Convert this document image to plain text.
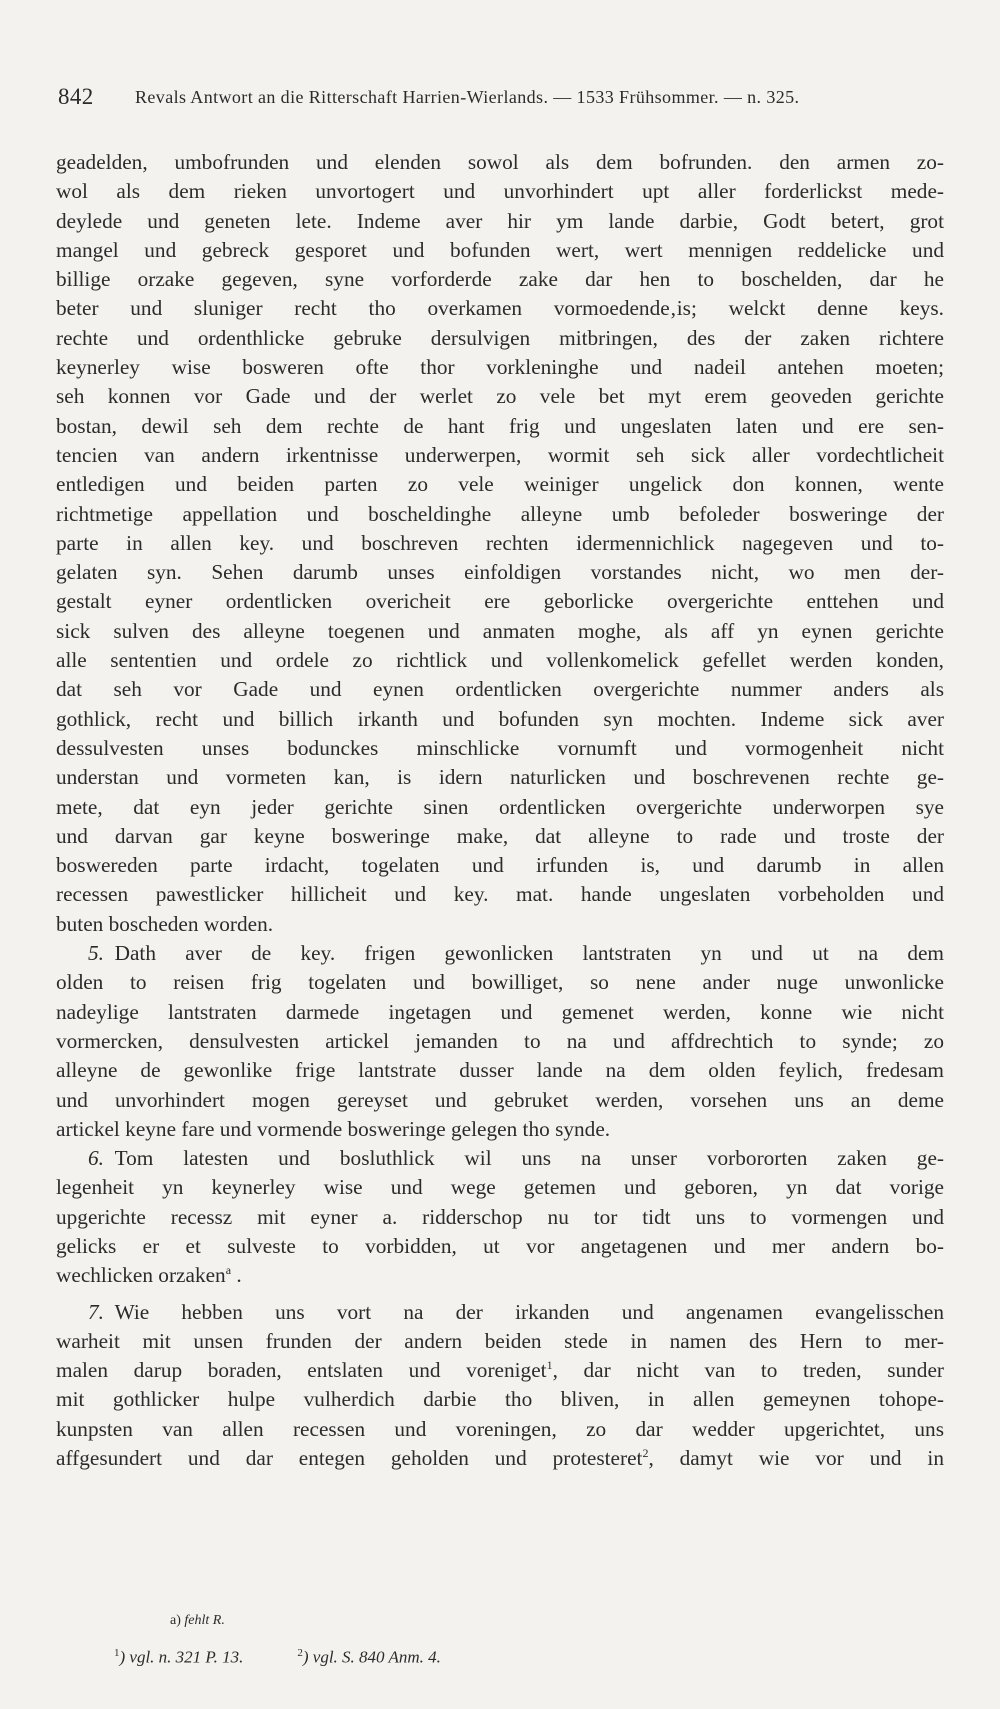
842 Revals Antwort an die Ritterschaft Harrien-Wierlands. — 1533 Frühsommer. — n. 325.
geadelden, umbofrunden und elenden sowol als dem bofrunden. den armen zo-
wol als dem rieken unvortogert und unvorhindert upt aller forderlickst mede-
deylede und geneten lete. Indeme aver hir ym lande darbie, Godt betert, grot
mangel und gebreck gesporet und bofunden wert, wert mennigen reddelicke und
billige orzake gegeven, syne vorforderde zake dar hen to boschelden, dar he
beter und sluniger recht tho overkamen vormoedende‚is; welckt denne keys.
rechte und ordenthlicke gebruke dersulvigen mitbringen, des der zaken richtere
keynerley wise bosweren ofte thor vorkleninghe und nadeil antehen moeten;
seh konnen vor Gade und der werlet zo vele bet myt erem geoveden gerichte
bostan, dewil seh dem rechte de hant frig und ungeslaten laten und ere sen-
tencien van andern irkentnisse underwerpen, wormit seh sick aller vordechtlicheit
entledigen und beiden parten zo vele weiniger ungelick don konnen, wente
richtmetige appellation und boscheldinghe alleyne umb befoleder bosweringe der
parte in allen key. und boschreven rechten idermennichlick nagegeven und to-
gelaten syn. Sehen darumb unses einfoldigen vorstandes nicht, wo men der-
gestalt eyner ordentlicken overicheit ere geborlicke overgerichte enttehen und
sick sulven des alleyne toegenen und anmaten moghe, als aff yn eynen gerichte
alle sententien und ordele zo richtlick und vollenkomelick gefellet werden konden,
dat seh vor Gade und eynen ordentlicken overgerichte nummer anders als
gothlick, recht und billich irkanth und bofunden syn mochten. Indeme sick aver
dessulvesten unses bodunckes minschlicke vornumft und vormogenheit nicht
understan und vormeten kan, is idern naturlicken und boschrevenen rechte ge-
mete, dat eyn jeder gerichte sinen ordentlicken overgerichte underworpen sye
und darvan gar keyne bosweringe make, dat alleyne to rade und troste der
boswereden parte irdacht, togelaten und irfunden is, und darumb in allen
recessen pawestlicker hillicheit und key. mat. hande ungeslaten vorbeholden und
buten boscheden worden.
  5.  Dath aver de key. frigen gewonlicken lantstraten yn und ut na dem
olden to reisen frig togelaten und bowilliget, so nene ander nuge unwonlicke
nadeylige lantstraten darmede ingetagen und gemenet werden, konne wie nicht
vormercken, densulvesten artickel jemanden to na und affdrechtich to synde; zo
alleyne de gewonlike frige lantstrate dusser lande na dem olden feylich, fredesam
und unvorhindert mogen gereyset und gebruket werden, vorsehen uns an deme
artickel keyne fare und vormende bosweringe gelegen tho synde.
  6.  Tom latesten und bosluthlick wil uns na unser vorbororten zaken ge-
legenheit yn keynerley wise und wege getemen und geboren, yn dat vorige
upgerichte recessz mit eyner a. ridderschop nu tor tidt uns to vormengen und
gelicks er et sulveste to vorbidden, ut vor angetagenen und mer andern bo-
wechlicken orzaken$^a$ .
  7.  Wie hebben uns vort na der irkanden und angenamen evangelisschen
warheit mit unsen frunden der andern beiden stede in namen des Hern to mer-
malen darup boraden, entslaten und voreniget$^1$, dar nicht van to treden, sunder
mit gothlicker hulpe vulherdich darbie tho bliven, in allen gemeynen tohope-
kunpsten van allen recessen und voreningen, zo dar wedder upgerichtet, uns
affgesundert und dar entegen geholden und protesteret$^2$, damyt wie vor und in
a) fehlt R.
$^1$) vgl. n. 321 P. 13.	$^2$) vgl. S. 840 Anm. 4.
